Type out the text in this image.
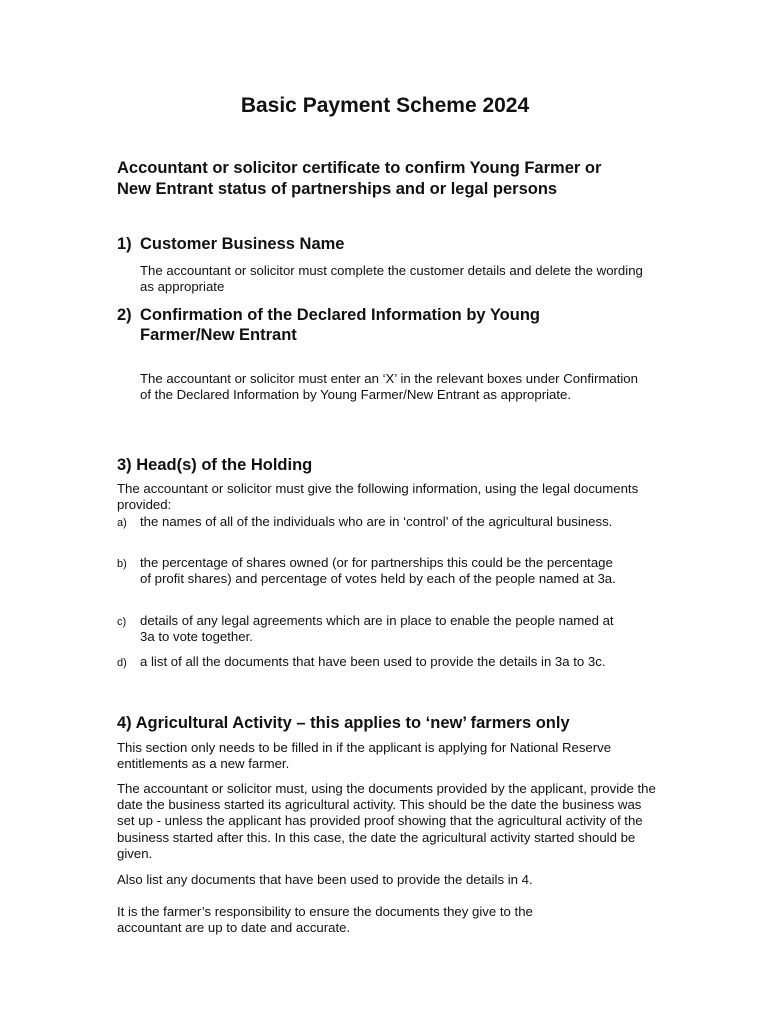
Basic Payment Scheme 2024
Accountant or solicitor certificate to confirm Young Farmer or
New Entrant status of partnerships and or legal persons
1) Customer Business Name

The accountant or solicitor must complete the customer details and delete the wording as appropriate

2) Confirmation of the Declared Information by Young Farmer/New Entrant

The accountant or solicitor must enter an ‘X’ in the relevant boxes under Confirmation of the Declared Information by Young Farmer/New Entrant as appropriate.

3) Head(s) of the Holding

The accountant or solicitor must give the following information, using the legal documents provided:

a) the names of all of the individuals who are in ‘control’ of the agricultural business.
b) the percentage of shares owned (or for partnerships this could be the percentage of profit shares) and percentage of votes held by each of the people named at 3a.
c) details of any legal agreements which are in place to enable the people named at 3a to vote together.
d) a list of all the documents that have been used to provide the details in 3a to 3c.
4) Agricultural Activity – this applies to ‘new’ farmers only

This section only needs to be filled in if the applicant is applying for National Reserve entitlements as a new farmer.

The accountant or solicitor must, using the documents provided by the applicant, provide the date the business started its agricultural activity. This should be the date the business was set up - unless the applicant has provided proof showing that the agricultural activity of the business started after this. In this case, the date the agricultural activity started should be given.

Also list any documents that have been used to provide the details in 4.

It is the farmer’s responsibility to ensure the documents they give to the accountant are up to date and accurate.
